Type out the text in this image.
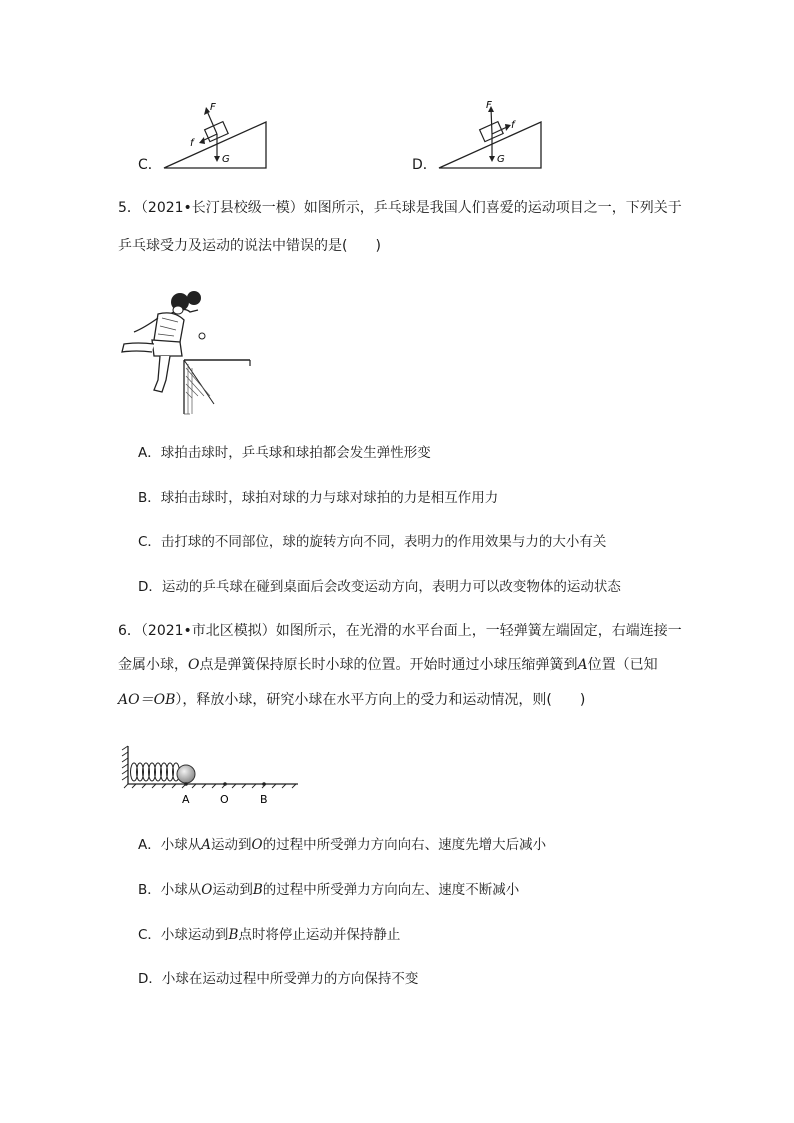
C．
F
f
G	D．
F
f
G
5．（2021•长汀县校级一模）如图所示，乒乓球是我国人们喜爱的运动项目之一，下列关于
乒乓球受力及运动的说法中错误的是(　　)
A．球拍击球时，乒乓球和球拍都会发生弹性形变
B．球拍击球时，球拍对球的力与球对球拍的力是相互作用力
C．击打球的不同部位，球的旋转方向不同，表明力的作用效果与力的大小有关
D．运动的乒乓球在碰到桌面后会改变运动方向，表明力可以改变物体的运动状态
6．（2021•市北区模拟）如图所示，在光滑的水平台面上，一轻弹簧左端固定，右端连接一
金属小球，O点是弹簧保持原长时小球的位置。开始时通过小球压缩弹簧到A位置（已知
AO＝OB），释放小球，研究小球在水平方向上的受力和运动情况，则(　　)
A	O	B
A．小球从A运动到O的过程中所受弹力方向向右、速度先增大后减小
B．小球从O运动到B的过程中所受弹力方向向左、速度不断减小
C．小球运动到B点时将停止运动并保持静止
D．小球在运动过程中所受弹力的方向保持不变
